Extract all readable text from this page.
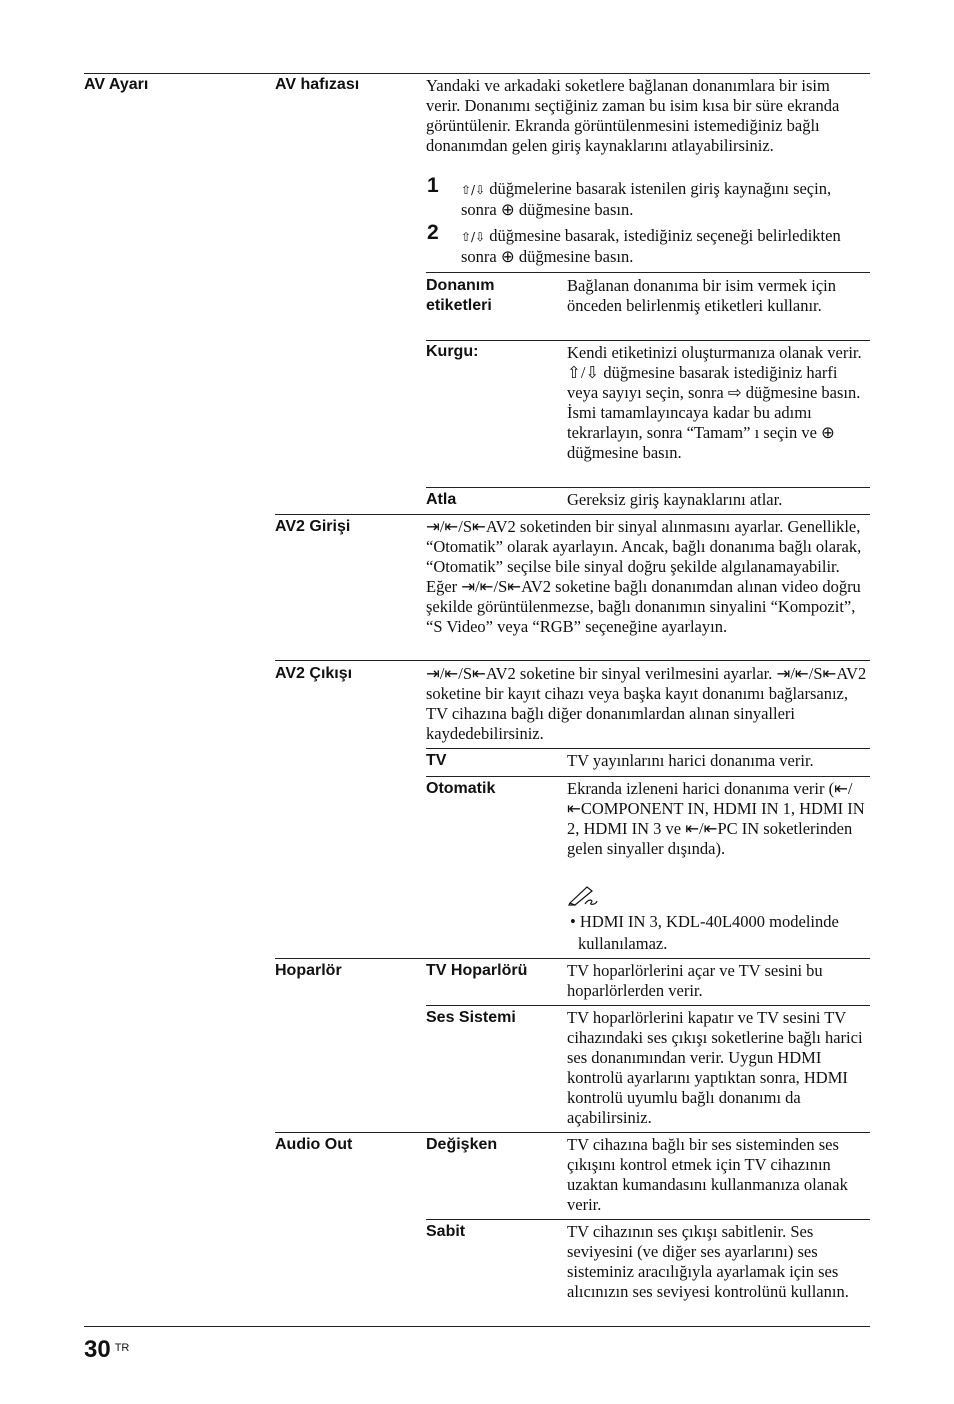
AV Ayarı	AV hafızası	Yandaki ve arkadaki soketlere bağlanan donanımlara bir isim verir. Donanımı seçtiğiniz zaman bu isim kısa bir süre ekranda görüntülenir. Ekranda görüntülenmesini istemediğiniz bağlı donanımdan gelen giriş kaynaklarını atlayabilirsiniz.
1 ⇧/⇩ düğmelerine basarak istenilen giriş kaynağını seçin, sonra ⊕ düğmesine basın.
2 ⇧/⇩ düğmesine basarak, istediğiniz seçeneği belirledikten sonra ⊕ düğmesine basın.
Donanım etiketleri
Bağlanan donanıma bir isim vermek için önceden belirlenmiş etiketleri kullanır.
Kurgu:	Kendi etiketinizi oluşturmanıza olanak verir. ⇧/⇩ düğmesine basarak istediğiniz harfi veya sayıyı seçin, sonra ⇨ düğmesine basın. İsmi tamamlayıncaya kadar bu adımı tekrarlayın, sonra “Tamam” ı seçin ve ⊕ düğmesine basın.
Atla	Gereksiz giriş kaynaklarını atlar.
AV2 Girişi	⇥/⇤/S⇤AV2 soketinden bir sinyal alınmasını ayarlar. Genellikle, “Otomatik” olarak ayarlayın. Ancak, bağlı donanıma bağlı olarak, “Otomatik” seçilse bile sinyal doğru şekilde algılanamayabilir. Eğer ⇥/⇤/S⇤AV2 soketine bağlı donanımdan alınan video doğru şekilde görüntülenmezse, bağlı donanımın sinyalini “Kompozit”, “S Video” veya “RGB” seçeneğine ayarlayın.
AV2 Çıkışı	⇥/⇤/S⇤AV2 soketine bir sinyal verilmesini ayarlar. ⇥/⇤/S⇤AV2 soketine bir kayıt cihazı veya başka kayıt donanımı bağlarsanız, TV cihazına bağlı diğer donanımlardan alınan sinyalleri kaydedebilirsiniz.
TV	TV yayınlarını harici donanıma verir.
Otomatik	Ekranda izleneni harici donanıma verir (⇤/⇤COMPONENT IN, HDMI IN 1, HDMI IN 2, HDMI IN 3 ve ⇤/⇤PC IN soketlerinden gelen sinyaller dışında).
• HDMI IN 3, KDL-40L4000 modelinde kullanılamaz.
Hoparlör	TV Hoparlörü TV hoparlörlerini açar ve TV sesini bu hoparlörlerden verir.
Ses Sistemi	TV hoparlörlerini kapatır ve TV sesini TV cihazındaki ses çıkışı soketlerine bağlı harici ses donanımından verir. Uygun HDMI kontrolü ayarlarını yaptıktan sonra, HDMI kontrolü uyumlu bağlı donanımı da açabilirsiniz.
Audio Out	Değişken	TV cihazına bağlı bir ses sisteminden ses çıkışını kontrol etmek için TV cihazının uzaktan kumandasını kullanmanıza olanak verir.
Sabit	TV cihazının ses çıkışı sabitlenir. Ses seviyesini (ve diğer ses ayarlarını) ses sisteminiz aracılığıyla ayarlamak için ses alıcınızın ses seviyesi kontrolünü kullanın.
30 $^{TR}$
